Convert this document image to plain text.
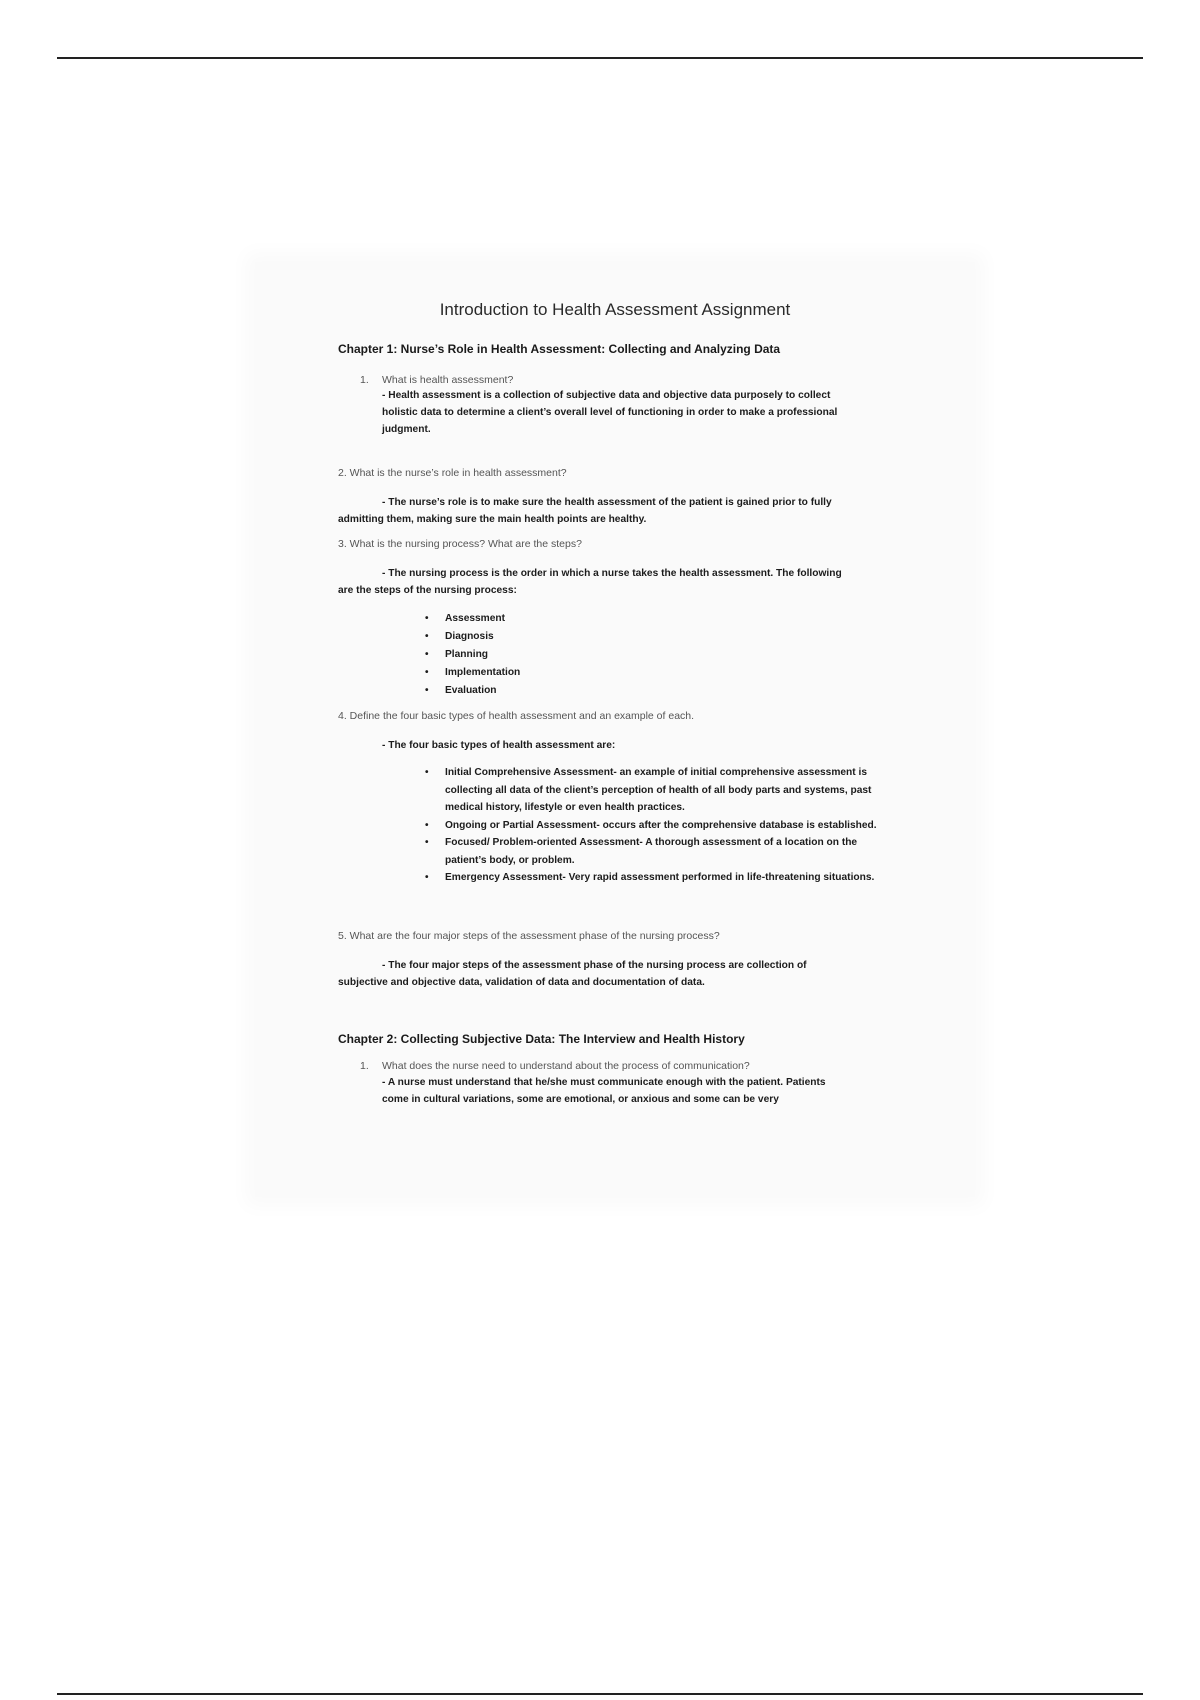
Introduction to Health Assessment Assignment
Chapter 1: Nurse’s Role in Health Assessment: Collecting and Analyzing Data
1. What is health assessment?
- Health assessment is a collection of subjective data and objective data purposely to collect
holistic data to determine a client’s overall level of functioning in order to make a professional
judgment.
2. What is the nurse’s role in health assessment?
- The nurse’s role is to make sure the health assessment of the patient is gained prior to fully
admitting them, making sure the main health points are healthy.
3. What is the nursing process? What are the steps?
- The nursing process is the order in which a nurse takes the health assessment. The following
are the steps of the nursing process:
• Assessment
• Diagnosis
• Planning
• Implementation
• Evaluation
4. Define the four basic types of health assessment and an example of each.
- The four basic types of health assessment are:
• Initial Comprehensive Assessment- an example of initial comprehensive assessment is collecting all data of the client’s perception of health of all body parts and systems, past medical history, lifestyle or even health practices.
• Ongoing or Partial Assessment- occurs after the comprehensive database is established.
• Focused/ Problem-oriented Assessment- A thorough assessment of a location on the patient’s body, or problem.
• Emergency Assessment- Very rapid assessment performed in life-threatening situations.
5. What are the four major steps of the assessment phase of the nursing process?
- The four major steps of the assessment phase of the nursing process are collection of
subjective and objective data, validation of data and documentation of data.
Chapter 2: Collecting Subjective Data: The Interview and Health History
1. What does the nurse need to understand about the process of communication?
- A nurse must understand that he/she must communicate enough with the patient. Patients
come in cultural variations, some are emotional, or anxious and some can be very
